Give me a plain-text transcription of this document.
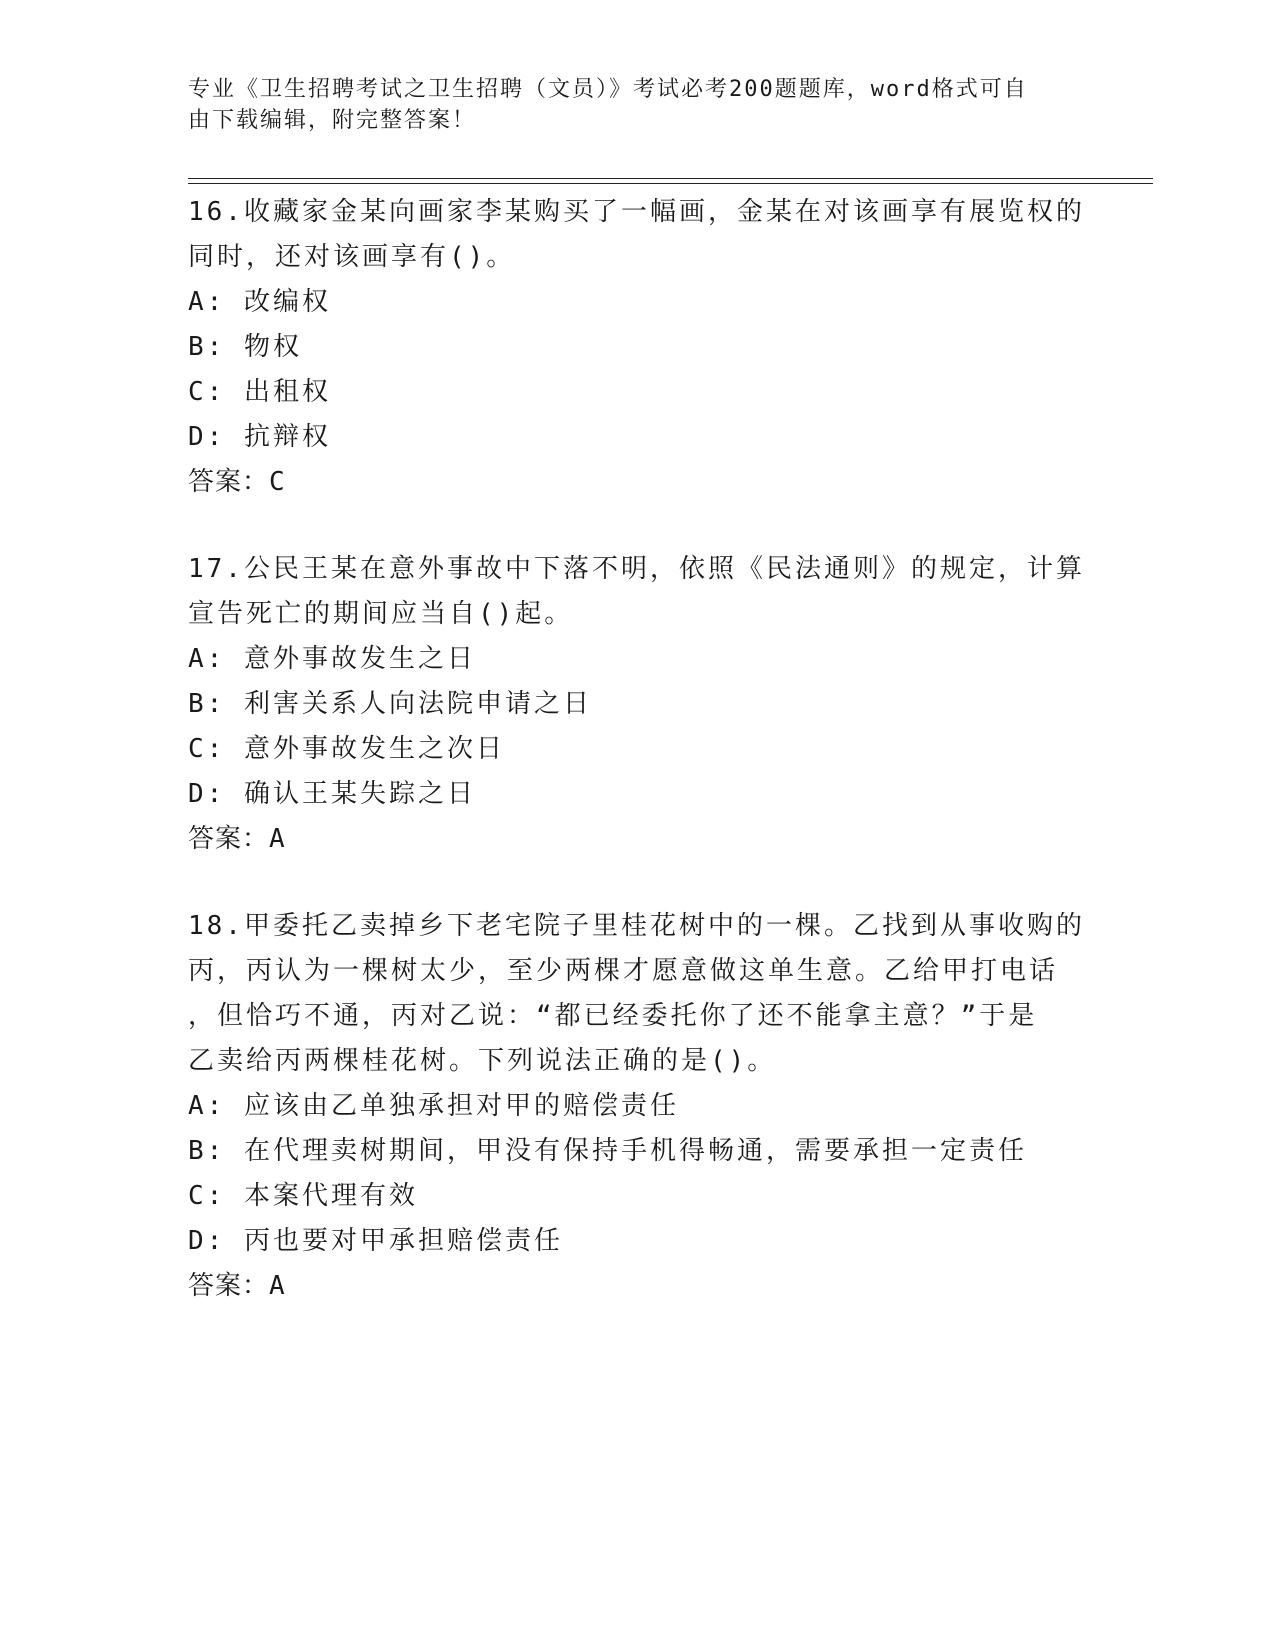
专业《卫生招聘考试之卫生招聘（文员）》考试必考200题题库，word格式可自
由下载编辑，附完整答案！
16.收藏家金某向画家李某购买了一幅画，金某在对该画享有展览权的
同时，还对该画享有()。
A: 改编权
B: 物权
C: 出租权
D: 抗辩权
答案：C
17.公民王某在意外事故中下落不明，依照《民法通则》的规定，计算
宣告死亡的期间应当自()起。
A: 意外事故发生之日
B: 利害关系人向法院申请之日
C: 意外事故发生之次日
D: 确认王某失踪之日
答案：A
18.甲委托乙卖掉乡下老宅院子里桂花树中的一棵。乙找到从事收购的
丙，丙认为一棵树太少，至少两棵才愿意做这单生意。乙给甲打电话
，但恰巧不通，丙对乙说：“都已经委托你了还不能拿主意？”于是
乙卖给丙两棵桂花树。下列说法正确的是()。
A: 应该由乙单独承担对甲的赔偿责任
B: 在代理卖树期间，甲没有保持手机得畅通，需要承担一定责任
C: 本案代理有效
D: 丙也要对甲承担赔偿责任
答案：A
